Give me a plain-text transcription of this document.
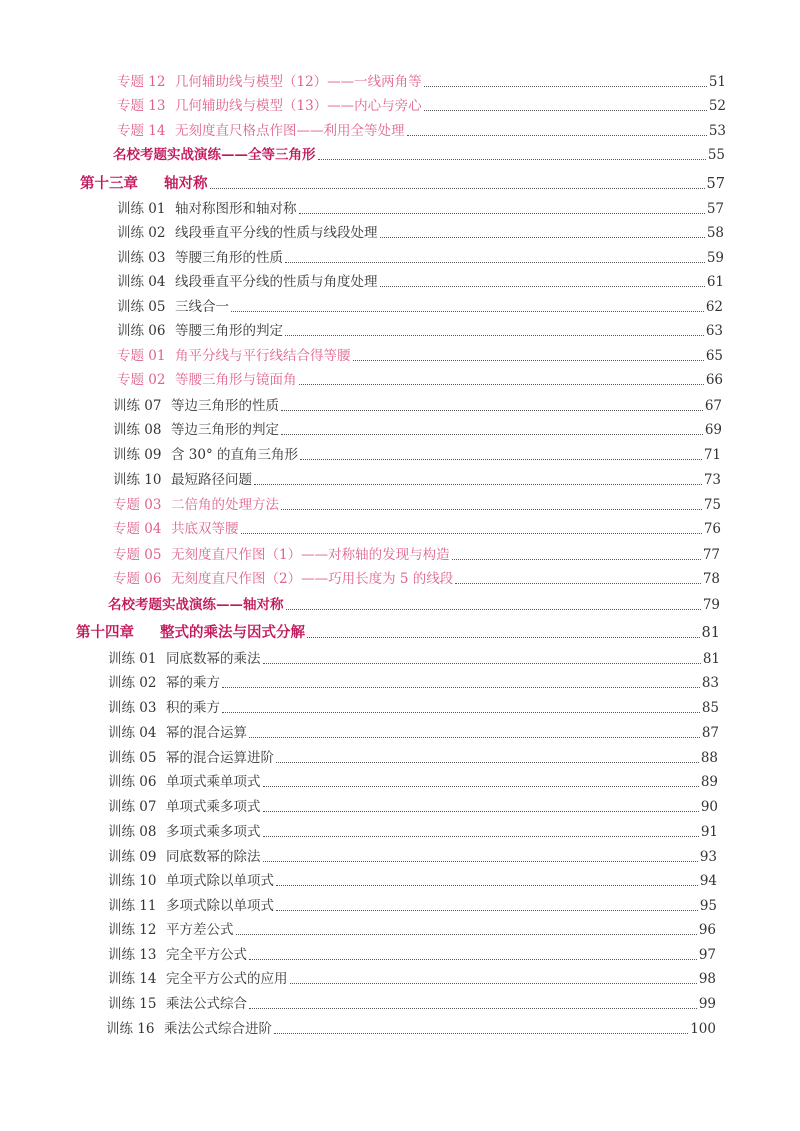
专题 12 几何辅助线与模型（12）——一线两角等	51
专题 13 几何辅助线与模型（13）——内心与旁心	52
专题 14 无刻度直尺格点作图——利用全等处理	53
名校考题实战演练——全等三角形	55
第十三章	轴对称	57
训练 01 轴对称图形和轴对称	57
训练 02 线段垂直平分线的性质与线段处理	58
训练 03 等腰三角形的性质	59
训练 04 线段垂直平分线的性质与角度处理	61
训练 05 三线合一	62
训练 06 等腰三角形的判定	63
专题 01 角平分线与平行线结合得等腰	65
专题 02 等腰三角形与镜面角	66
训练 07 等边三角形的性质	67
训练 08 等边三角形的判定	69
训练 09 含 30° 的直角三角形	71
训练 10 最短路径问题	73
专题 03 二倍角的处理方法	75
专题 04 共底双等腰	76
专题 05 无刻度直尺作图（1）——对称轴的发现与构造	77
专题 06 无刻度直尺作图（2）——巧用长度为 5 的线段	78
名校考题实战演练——轴对称	79
第十四章	整式的乘法与因式分解	81
训练 01 同底数幂的乘法	81
训练 02 幂的乘方	83
训练 03 积的乘方	85
训练 04 幂的混合运算	87
训练 05 幂的混合运算进阶	88
训练 06 单项式乘单项式	89
训练 07 单项式乘多项式	90
训练 08 多项式乘多项式	91
训练 09 同底数幂的除法	93
训练 10 单项式除以单项式	94
训练 11 多项式除以单项式	95
训练 12 平方差公式	96
训练 13 完全平方公式	97
训练 14 完全平方公式的应用	98
训练 15 乘法公式综合	99
训练 16 乘法公式综合进阶	100
